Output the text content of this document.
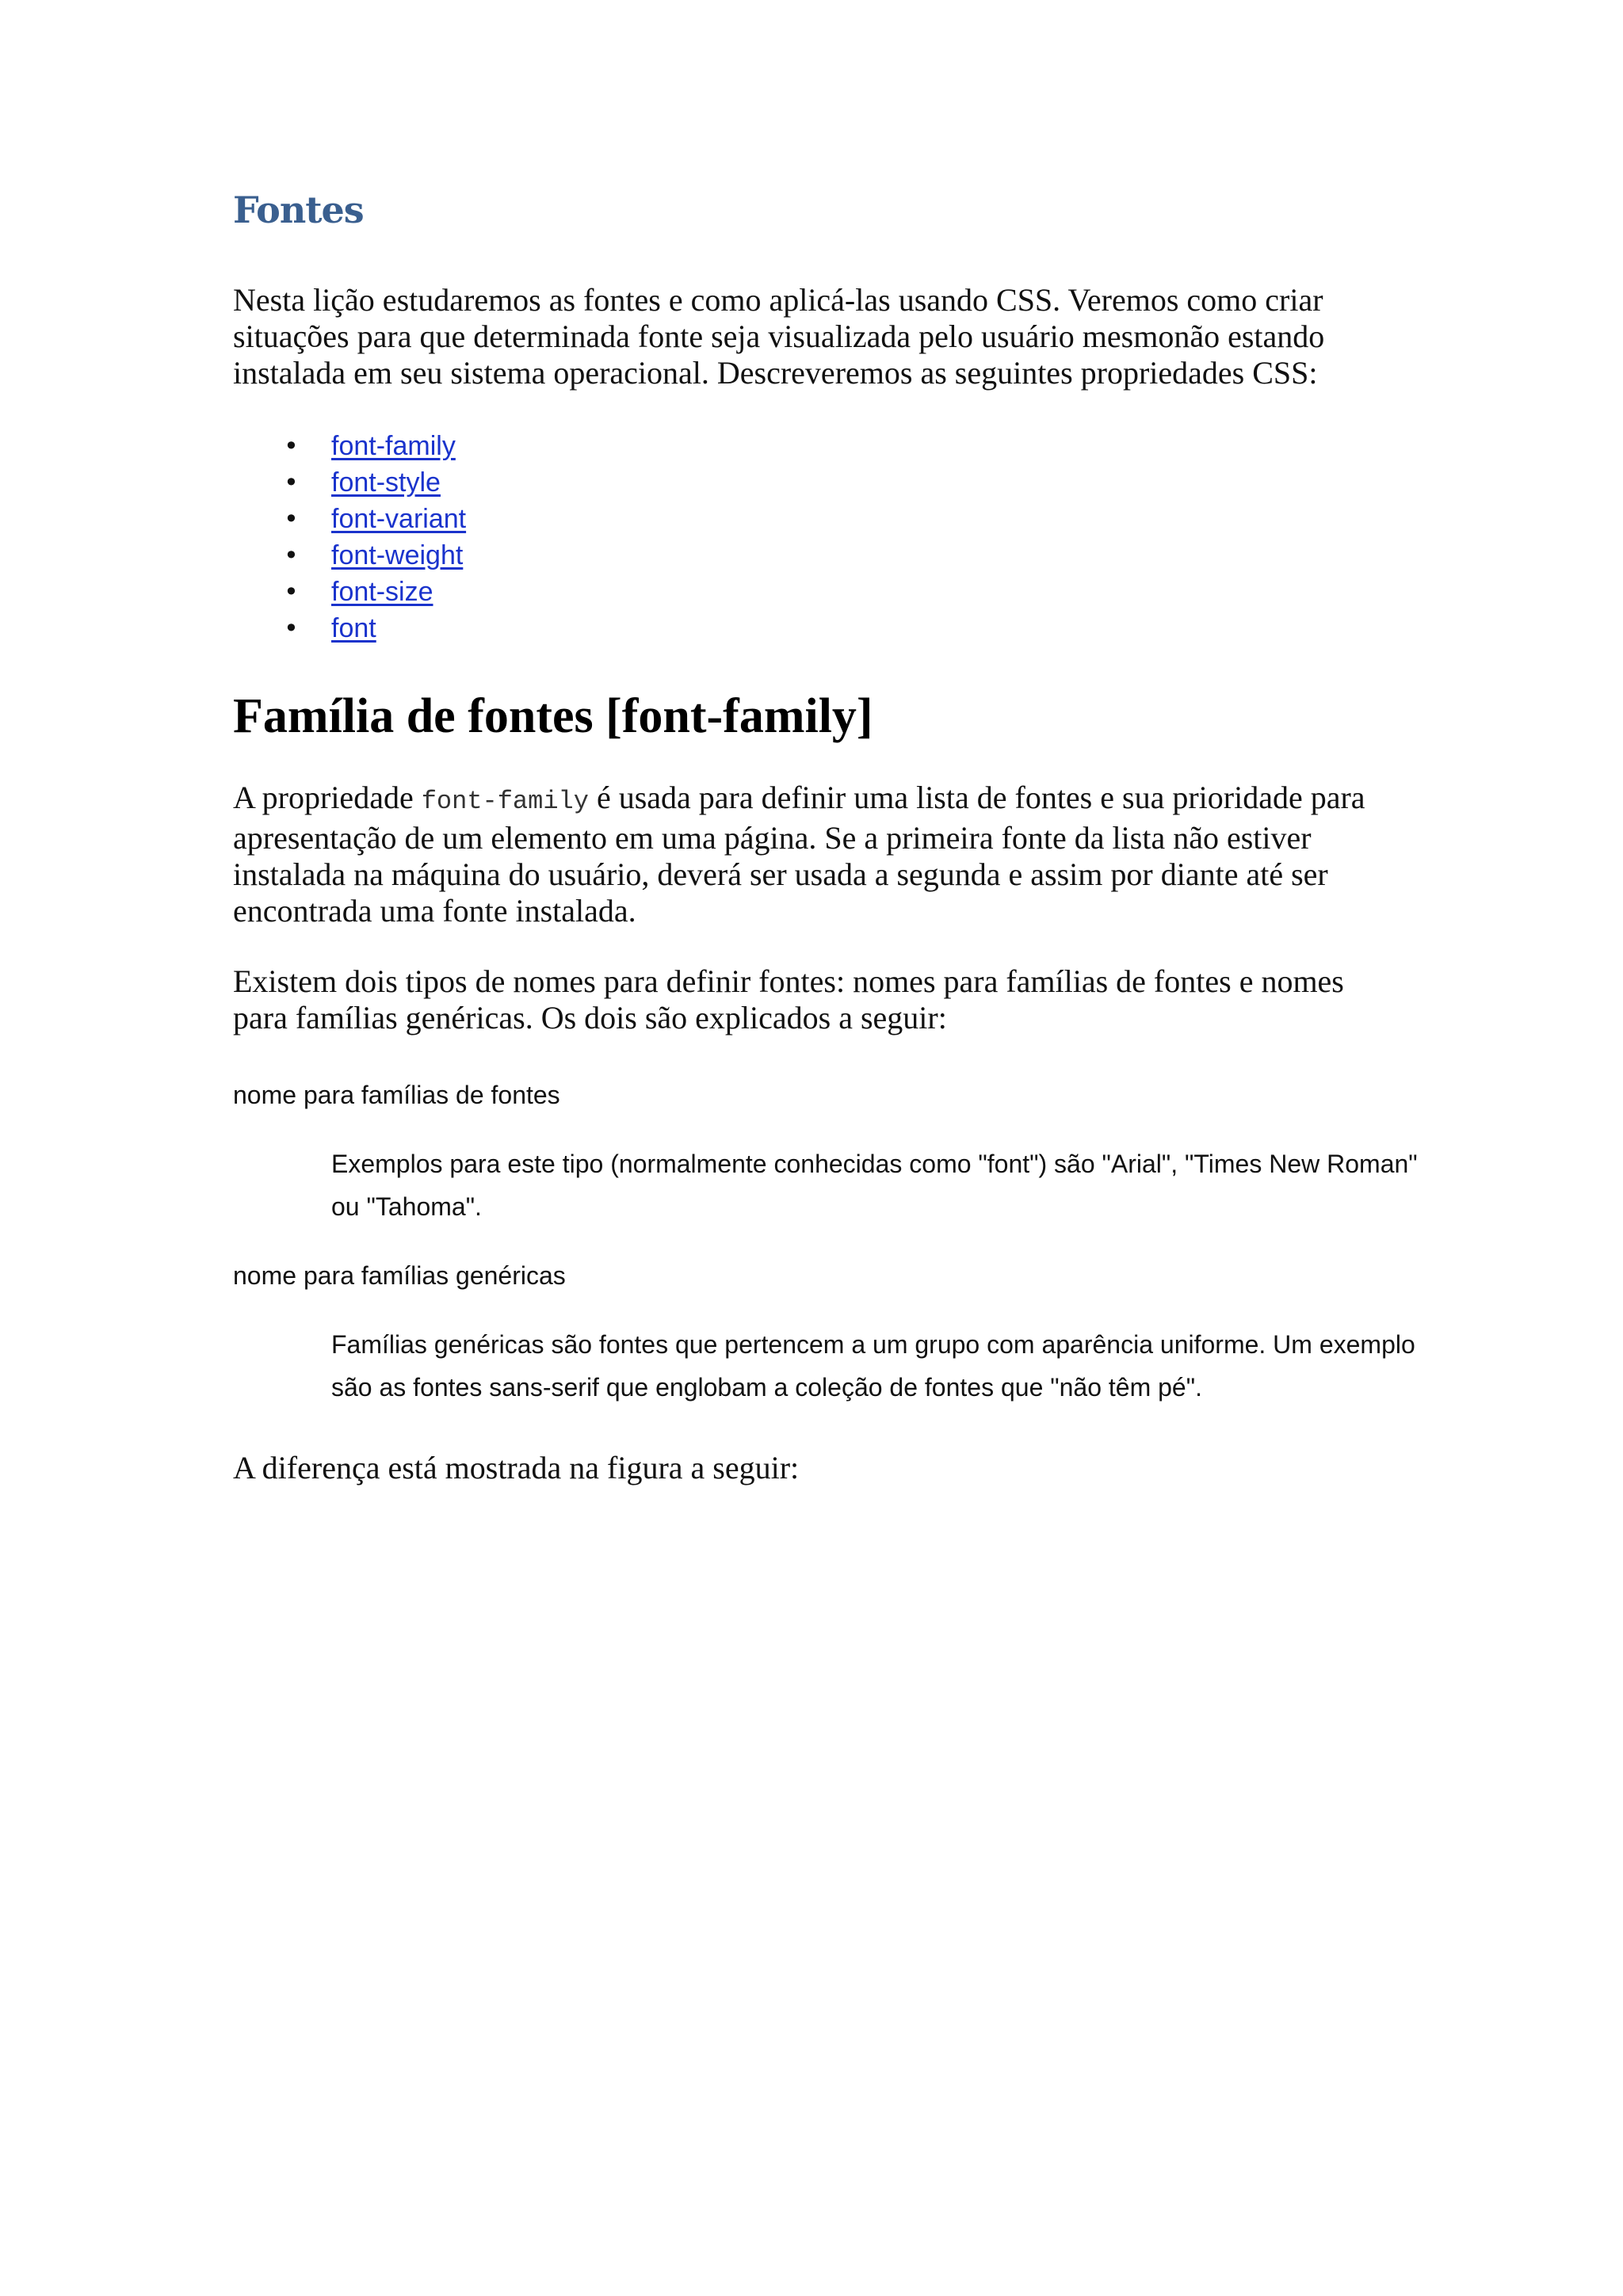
Fontes

Nesta lição estudaremos as fontes e como aplicá-las usando CSS. Veremos como criar situações para que determinada fonte seja visualizada pelo usuário mesmonão estando instalada em seu sistema operacional. Descreveremos as seguintes propriedades CSS:

• font-family
• font-style
• font-variant
• font-weight
• font-size
• font
Família de fontes [font-family]

A propriedade font-family é usada para definir uma lista de fontes e sua prioridade para apresentação de um elemento em uma página. Se a primeira fonte da lista não estiver instalada na máquina do usuário, deverá ser usada a segunda e assim por diante até ser encontrada uma fonte instalada.

Existem dois tipos de nomes para definir fontes: nomes para famílias de fontes e nomes para famílias genéricas. Os dois são explicados a seguir:

nome para famílias de fontes

Exemplos para este tipo (normalmente conhecidas como "font") são "Arial", "Times New Roman" ou "Tahoma".

nome para famílias genéricas

Famílias genéricas são fontes que pertencem a um grupo com aparência uniforme. Um exemplo são as fontes sans-serif que englobam a coleção de fontes que "não têm pé".

A diferença está mostrada na figura a seguir:
